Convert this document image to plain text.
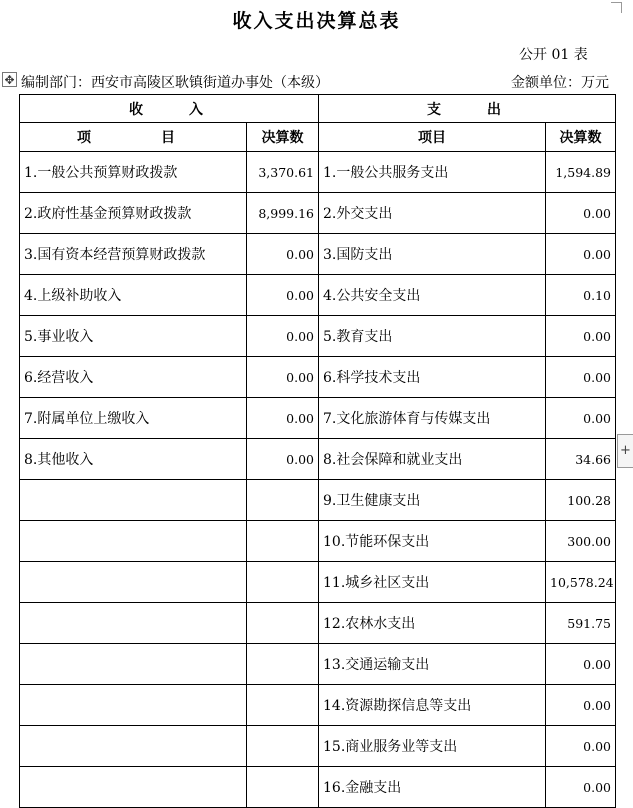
收入支出决算总表
公开 01 表
✥ 编制部门：西安市高陵区耿镇街道办事处（本级）	金额单位：万元
收　　入		支　　出	
项　　目	决算数	项目	决算数
1.一般公共预算财政拨款	3,370.61	1.一般公共服务支出	1,594.89
2.政府性基金预算财政拨款	8,999.16	2.外交支出	0.00
3.国有资本经营预算财政拨款	0.00	3.国防支出	0.00
4.上级补助收入	0.00	4.公共安全支出	0.10
5.事业收入	0.00	5.教育支出	0.00
6.经营收入	0.00	6.科学技术支出	0.00
7.附属单位上缴收入	0.00	7.文化旅游体育与传媒支出	0.00
8.其他收入	0.00	8.社会保障和就业支出	34.66
		9.卫生健康支出	100.28
		10.节能环保支出	300.00
		11.城乡社区支出	10,578.24
		12.农林水支出	591.75
		13.交通运输支出	0.00
		14.资源勘探信息等支出	0.00
		15.商业服务业等支出	0.00
		16.金融支出	0.00
+
